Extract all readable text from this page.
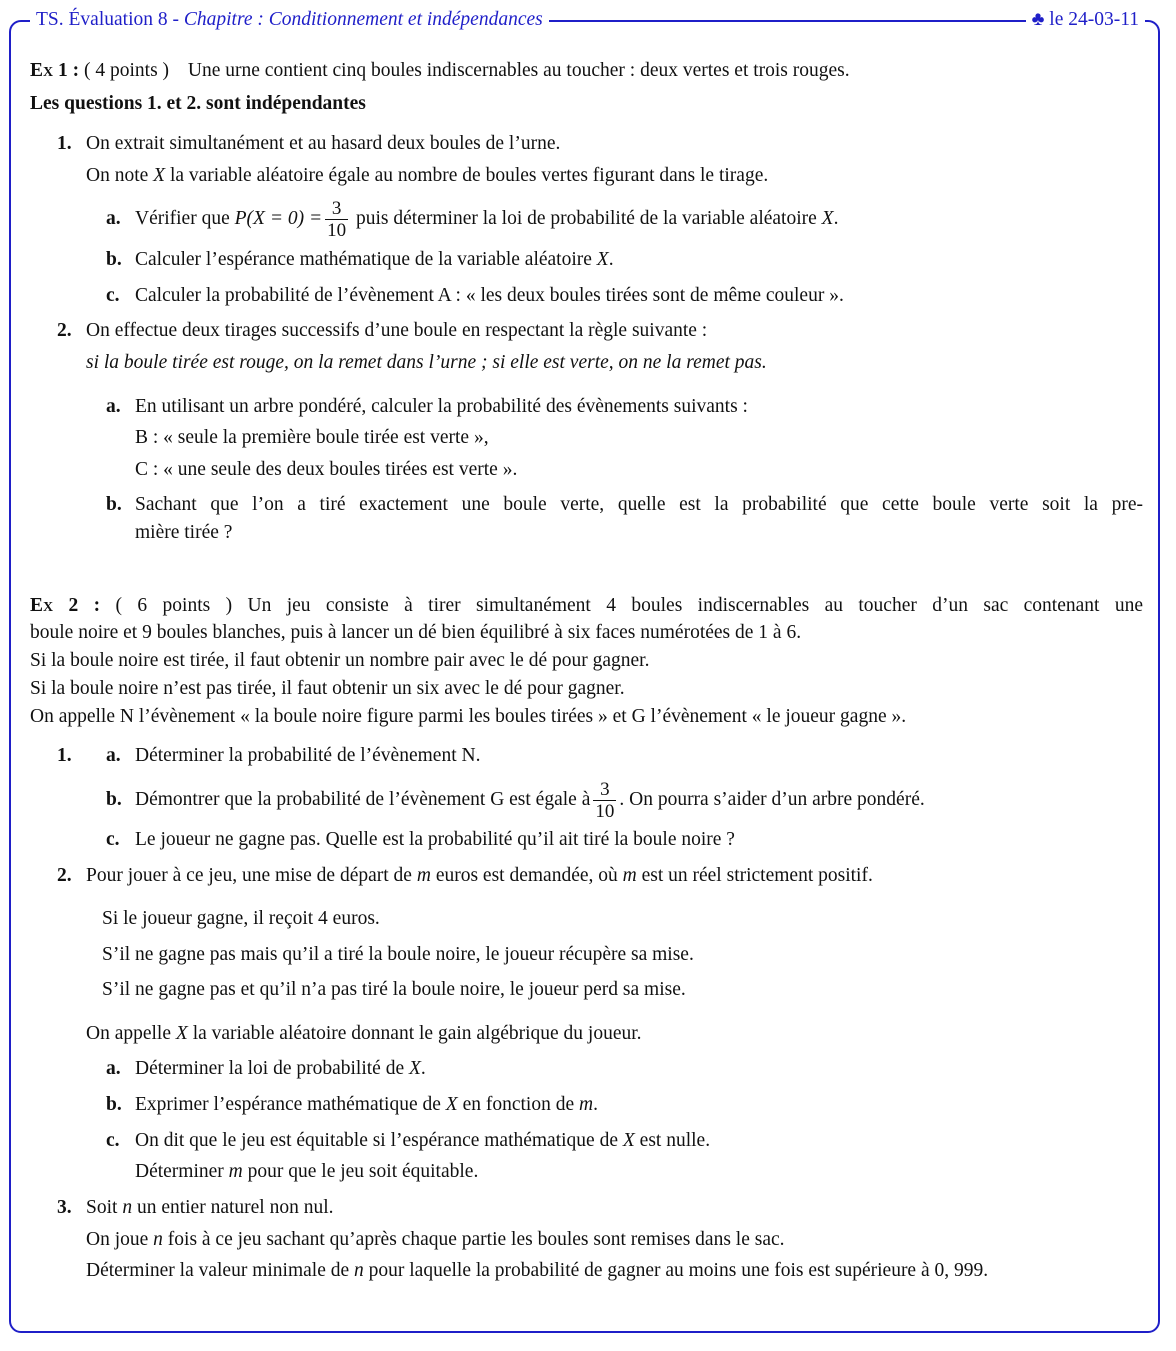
TS. Évaluation 8 - Chapitre : Conditionnement et indépendances	♣ le 24-03-11
Ex 1 : ( 4 points ) Une urne contient cinq boules indiscernables au toucher : deux vertes et trois rouges.
Les questions 1. et 2. sont indépendantes
1. On extrait simultanément et au hasard deux boules de l’urne.
On note X la variable aléatoire égale au nombre de boules vertes figurant dans le tirage.
a. Vérifier que $P(X = 0) = \frac{3}{10}$ puis déterminer la loi de probabilité de la variable aléatoire X.
b. Calculer l’espérance mathématique de la variable aléatoire X.
c. Calculer la probabilité de l’évènement A : « les deux boules tirées sont de même couleur ».
2. On effectue deux tirages successifs d’une boule en respectant la règle suivante :
si la boule tirée est rouge, on la remet dans l’urne ; si elle est verte, on ne la remet pas.
a. En utilisant un arbre pondéré, calculer la probabilité des évènements suivants :
B : « seule la première boule tirée est verte »,
C : « une seule des deux boules tirées est verte ».
b. Sachant que l’on a tiré exactement une boule verte, quelle est la probabilité que cette boule verte soit la pre-
mière tirée ?
Ex 2 : ( 6 points ) Un jeu consiste à tirer simultanément 4 boules indiscernables au toucher d’un sac contenant une
boule noire et 9 boules blanches, puis à lancer un dé bien équilibré à six faces numérotées de 1 à 6.
Si la boule noire est tirée, il faut obtenir un nombre pair avec le dé pour gagner.
Si la boule noire n’est pas tirée, il faut obtenir un six avec le dé pour gagner.
On appelle N l’évènement « la boule noire figure parmi les boules tirées » et G l’évènement « le joueur gagne ».
1. a. Déterminer la probabilité de l’évènement N.
b. Démontrer que la probabilité de l’évènement G est égale à $\frac{3}{10}$ . On pourra s’aider d’un arbre pondéré.
c. Le joueur ne gagne pas. Quelle est la probabilité qu’il ait tiré la boule noire ?
2. Pour jouer à ce jeu, une mise de départ de m euros est demandée, où m est un réel strictement positif.
Si le joueur gagne, il reçoit 4 euros.
S’il ne gagne pas mais qu’il a tiré la boule noire, le joueur récupère sa mise.
S’il ne gagne pas et qu’il n’a pas tiré la boule noire, le joueur perd sa mise.
On appelle X la variable aléatoire donnant le gain algébrique du joueur.
a. Déterminer la loi de probabilité de X.
b. Exprimer l’espérance mathématique de X en fonction de m.
c. On dit que le jeu est équitable si l’espérance mathématique de X est nulle.
Déterminer m pour que le jeu soit équitable.
3. Soit n un entier naturel non nul.
On joue n fois à ce jeu sachant qu’après chaque partie les boules sont remises dans le sac.
Déterminer la valeur minimale de n pour laquelle la probabilité de gagner au moins une fois est supérieure à 0, 999.
